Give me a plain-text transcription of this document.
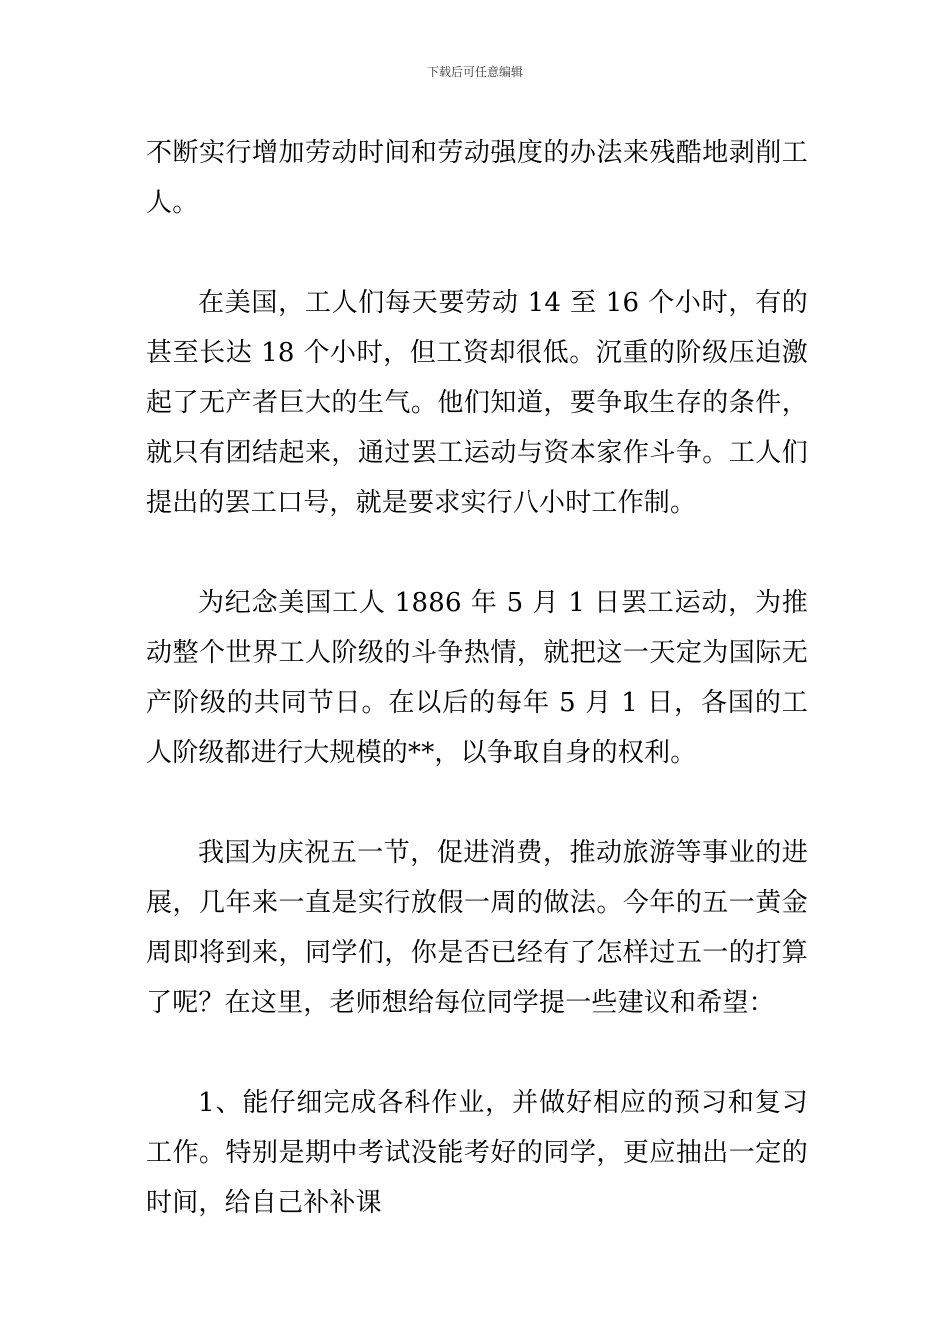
下载后可任意编辑

不断实行增加劳动时间和劳动强度的办法来残酷地剥削工人。

在美国，工人们每天要劳动 14 至 16 个小时，有的甚至长达 18 个小时，但工资却很低。沉重的阶级压迫激起了无产者巨大的生气。他们知道，要争取生存的条件，就只有团结起来，通过罢工运动与资本家作斗争。工人们提出的罢工口号，就是要求实行八小时工作制。

为纪念美国工人 1886 年 5 月 1 日罢工运动，为推动整个世界工人阶级的斗争热情，就把这一天定为国际无产阶级的共同节日。在以后的每年 5 月 1 日，各国的工人阶级都进行大规模的**，以争取自身的权利。

我国为庆祝五一节，促进消费，推动旅游等事业的进展，几年来一直是实行放假一周的做法。今年的五一黄金周即将到来，同学们，你是否已经有了怎样过五一的打算了呢？在这里，老师想给每位同学提一些建议和希望：

1、能仔细完成各科作业，并做好相应的预习和复习工作。特别是期中考试没能考好的同学，更应抽出一定的时间，给自己补补课
